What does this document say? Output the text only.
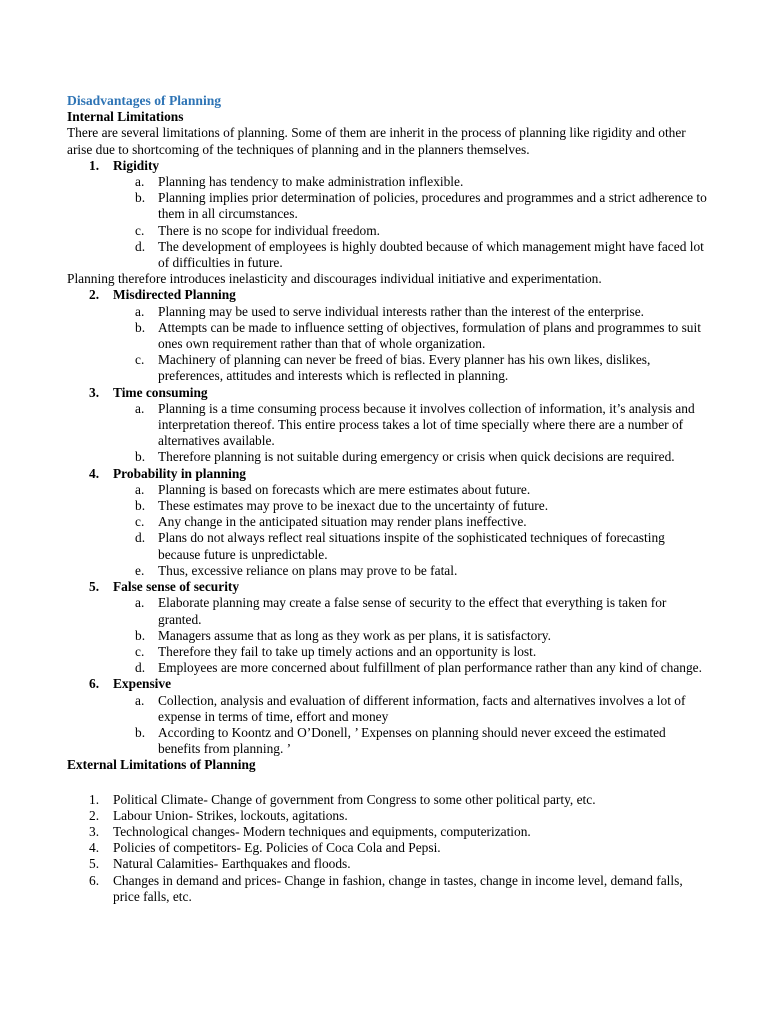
Disadvantages of Planning
Internal Limitations

There are several limitations of planning. Some of them are inherit in the process of planning like rigidity and other arise due to shortcoming of the techniques of planning and in the planners themselves.

1. Rigidity
a. Planning has tendency to make administration inflexible.
b. Planning implies prior determination of policies, procedures and programmes and a strict adherence to them in all circumstances.
c. There is no scope for individual freedom.
d. The development of employees is highly doubted because of which management might have faced lot of difficulties in future.

Planning therefore introduces inelasticity and discourages individual initiative and experimentation.

2. Misdirected Planning
a. Planning may be used to serve individual interests rather than the interest of the enterprise.
b. Attempts can be made to influence setting of objectives, formulation of plans and programmes to suit ones own requirement rather than that of whole organization.
c. Machinery of planning can never be freed of bias. Every planner has his own likes, dislikes, preferences, attitudes and interests which is reflected in planning.
3. Time consuming
a. Planning is a time consuming process because it involves collection of information, it’s analysis and interpretation thereof. This entire process takes a lot of time specially where there are a number of alternatives available.
b. Therefore planning is not suitable during emergency or crisis when quick decisions are required.
4. Probability in planning
a. Planning is based on forecasts which are mere estimates about future.
b. These estimates may prove to be inexact due to the uncertainty of future.
c. Any change in the anticipated situation may render plans ineffective.
d. Plans do not always reflect real situations inspite of the sophisticated techniques of forecasting because future is unpredictable.
e. Thus, excessive reliance on plans may prove to be fatal.
5. False sense of security
a. Elaborate planning may create a false sense of security to the effect that everything is taken for granted.
b. Managers assume that as long as they work as per plans, it is satisfactory.
c. Therefore they fail to take up timely actions and an opportunity is lost.
d. Employees are more concerned about fulfillment of plan performance rather than any kind of change.
6. Expensive
a. Collection, analysis and evaluation of different information, facts and alternatives involves a lot of expense in terms of time, effort and money
b. According to Koontz and O’Donell, ’ Expenses on planning should never exceed the estimated benefits from planning. ’
External Limitations of Planning
1. Political Climate- Change of government from Congress to some other political party, etc.
2. Labour Union- Strikes, lockouts, agitations.
3. Technological changes- Modern techniques and equipments, computerization.
4. Policies of competitors- Eg. Policies of Coca Cola and Pepsi.
5. Natural Calamities- Earthquakes and floods.
6. Changes in demand and prices- Change in fashion, change in tastes, change in income level, demand falls, price falls, etc.
